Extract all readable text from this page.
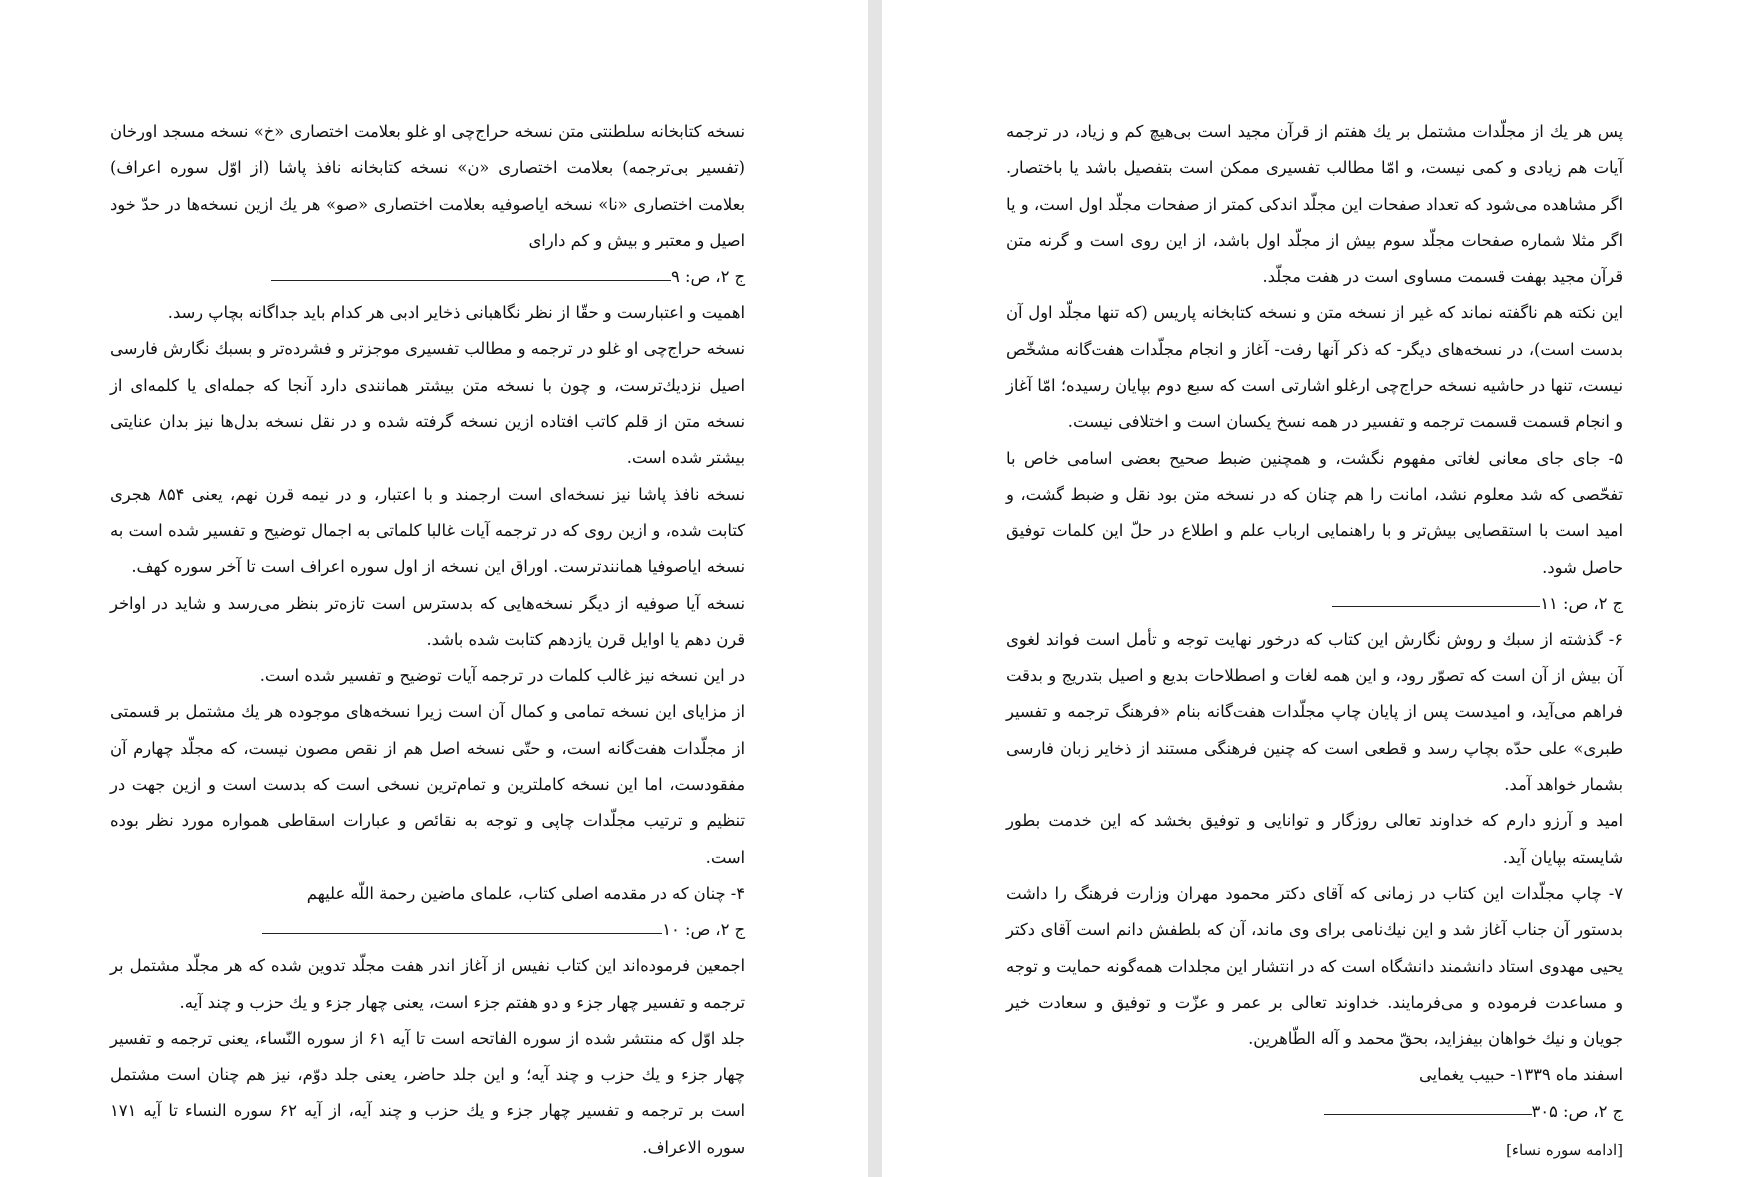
نسخه کتابخانه سلطنتی متن نسخه حراج‌چی او غلو بعلامت اختصاری «خ» نسخه مسجد اورخان (تفسیر بی‌ترجمه) بعلامت اختصاری «ن» نسخه کتابخانه نافذ پاشا (از اوّل سوره اعراف) بعلامت اختصاری «نا» نسخه ایاصوفیه بعلامت اختصاری «صو» هر یك ازین نسخه‌ها در حدّ خود اصیل و معتبر و بیش و کم دارای

ج ۲، ص: ۹

اهمیت و اعتبارست و حقّا از نظر نگاهبانی ذخایر ادبی هر کدام باید جداگانه بچاپ رسد.

نسخه حراج‌چی او غلو در ترجمه و مطالب تفسیری موجزتر و فشرده‌تر و بسبك نگارش فارسی اصیل نزدیك‌ترست، و چون با نسخه متن بیشتر همانندی دارد آنجا که جمله‌ای یا کلمه‌ای از نسخه متن از قلم کاتب افتاده ازین نسخه گرفته شده و در نقل نسخه بدل‌ها نیز بدان عنایتی بیشتر شده است.

نسخه نافذ پاشا نیز نسخه‌ای است ارجمند و با اعتبار، و در نیمه قرن نهم، یعنی ۸۵۴ هجری کتابت شده، و ازین روی که در ترجمه آیات غالبا کلماتی به اجمال توضیح و تفسیر شده است به نسخه ایاصوفیا همانندترست. اوراق این نسخه از اول سوره اعراف است تا آخر سوره کهف.

نسخه آیا صوفیه از دیگر نسخه‌هایی که بدسترس است تازه‌تر بنظر می‌رسد و شاید در اواخر قرن دهم یا اوایل قرن یازدهم کتابت شده باشد.

در این نسخه نیز غالب کلمات در ترجمه آیات توضیح و تفسیر شده است.

از مزایای این نسخه تمامی و کمال آن است زیرا نسخه‌های موجوده هر یك مشتمل بر قسمتی از مجلّدات هفت‌گانه است، و حتّی نسخه اصل هم از نقص مصون نیست، که مجلّد چهارم آن مفقودست، اما این نسخه کاملترین و تمام‌ترین نسخی است که بدست است و ازین جهت در تنظیم و ترتیب مجلّدات چاپی و توجه به نقائص و عبارات اسقاطی همواره مورد نظر بوده است.

۴- چنان که در مقدمه اصلی کتاب، علمای ماضین رحمة اللّه علیهم

ج ۲، ص: ۱۰

اجمعین فرموده‌اند این کتاب نفیس از آغاز اندر هفت مجلّد تدوین شده که هر مجلّد مشتمل بر ترجمه و تفسیر چهار جزء و دو هفتم جزء است، یعنی چهار جزء و یك حزب و چند آیه.

جلد اوّل که منتشر شده از سوره الفاتحه است تا آیه ۶۱ از سوره النّساء، یعنی ترجمه و تفسیر چهار جزء و یك حزب و چند آیه؛ و این جلد حاضر، یعنی جلد دوّم، نیز هم چنان است مشتمل است بر ترجمه و تفسیر چهار جزء و یك حزب و چند آیه، از آیه ۶۲ سوره النساء تا آیه ۱۷۱ سوره الاعراف.

پس هر یك از مجلّدات مشتمل بر یك هفتم از قرآن مجید است بی‌هیچ کم و زیاد، در ترجمه آیات هم زیادی و کمی نیست، و امّا مطالب تفسیری ممکن است بتفصیل باشد یا باختصار. اگر مشاهده می‌شود که تعداد صفحات این مجلّد اندکی کمتر از صفحات مجلّد اول است، و یا اگر مثلا شماره صفحات مجلّد سوم بیش از مجلّد اول باشد، از این روی است و گرنه متن قرآن مجید بهفت قسمت مساوی است در هفت مجلّد.

این نکته هم ناگفته نماند که غیر از نسخه متن و نسخه کتابخانه پاریس (که تنها مجلّد اول آن بدست است)، در نسخه‌های دیگر- که ذکر آنها رفت- آغاز و انجام مجلّدات هفت‌گانه مشخّص نیست، تنها در حاشیه نسخه حراج‌چی ارغلو اشارتی است که سبع دوم بپایان رسیده؛ امّا آغاز و انجام قسمت قسمت ترجمه و تفسیر در همه نسخ یکسان است و اختلافی نیست.

۵- جای جای معانی لغاتی مفهوم نگشت، و همچنین ضبط صحیح بعضی اسامی خاص با تفحّصی که شد معلوم نشد، امانت را هم چنان که در نسخه متن بود نقل و ضبط گشت، و امید است با استقصایی بیش‌تر و با راهنمایی ارباب علم و اطلاع در حلّ این کلمات توفیق حاصل شود.

ج ۲، ص: ۱۱

۶- گذشته از سبك و روش نگارش این کتاب که درخور نهایت توجه و تأمل است فواند لغوی آن بیش از آن است که تصوّر رود، و این همه لغات و اصطلاحات بدیع و اصیل بتدریج و بدقت فراهم می‌آید، و امیدست پس از پایان چاپ مجلّدات هفت‌گانه بنام «فرهنگ ترجمه و تفسیر طبری» علی حدّه بچاپ رسد و قطعی است که چنین فرهنگی مستند از ذخایر زبان فارسی بشمار خواهد آمد.

امید و آرزو دارم که خداوند تعالی روزگار و توانایی و توفیق بخشد که این خدمت بطور شایسته بپایان آید.

۷- چاپ مجلّدات این کتاب در زمانی که آقای دکتر محمود مهران وزارت فرهنگ را داشت بدستور آن جناب آغاز شد و این نیك‌نامی برای وی ماند، آن که بلطفش دانم است آقای دکتر یحیی مهدوی استاد دانشمند دانشگاه است که در انتشار این مجلدات همه‌گونه حمایت و توجه و مساعدت فرموده و می‌فرمایند. خداوند تعالی بر عمر و عزّت و توفیق و سعادت خیر جویان و نیك خواهان بیفزاید، بحقّ محمد و آله الطّاهرین.

اسفند ماه ۱۳۳۹- حبیب یغمایی

ج ۲، ص: ۳۰۵

[ادامه سوره نساء]
